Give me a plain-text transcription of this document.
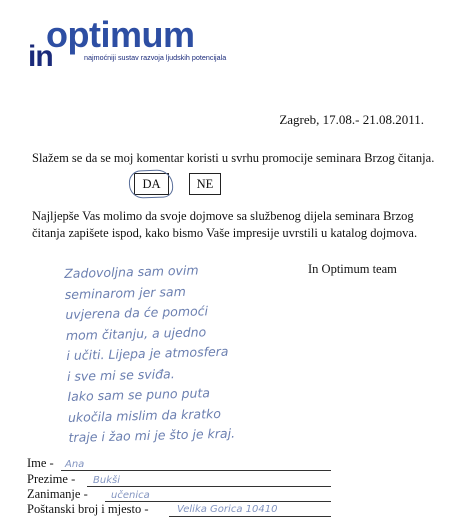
optimum
in	najmoćniji sustav razvoja ljudskih potencijala
Zagreb, 17.08.- 21.08.2011.
Slažem se da se moj komentar koristi u svrhu promocije seminara Brzog čitanja.
DA	NE
Najljepše Vas molimo da svoje dojmove sa službenog dijela seminara Brzog čitanja zapišete ispod, kako bismo Vaše impresije uvrstili u katalog dojmova.
In Optimum team
Zadovoljna sam ovim
seminarom jer sam
uvjerena da će pomoći
mom čitanju, a ujedno
i učiti. Lijepa je atmosfera
i sve mi se sviđa.
Iako sam se puno puta
ukočila mislim da kratko
traje i žao mi je što je kraj.
Ime - Ana
Prezime - Bukši
Zanimanje - učenica
Poštanski broj i mjesto -	Velika Gorica 10410
